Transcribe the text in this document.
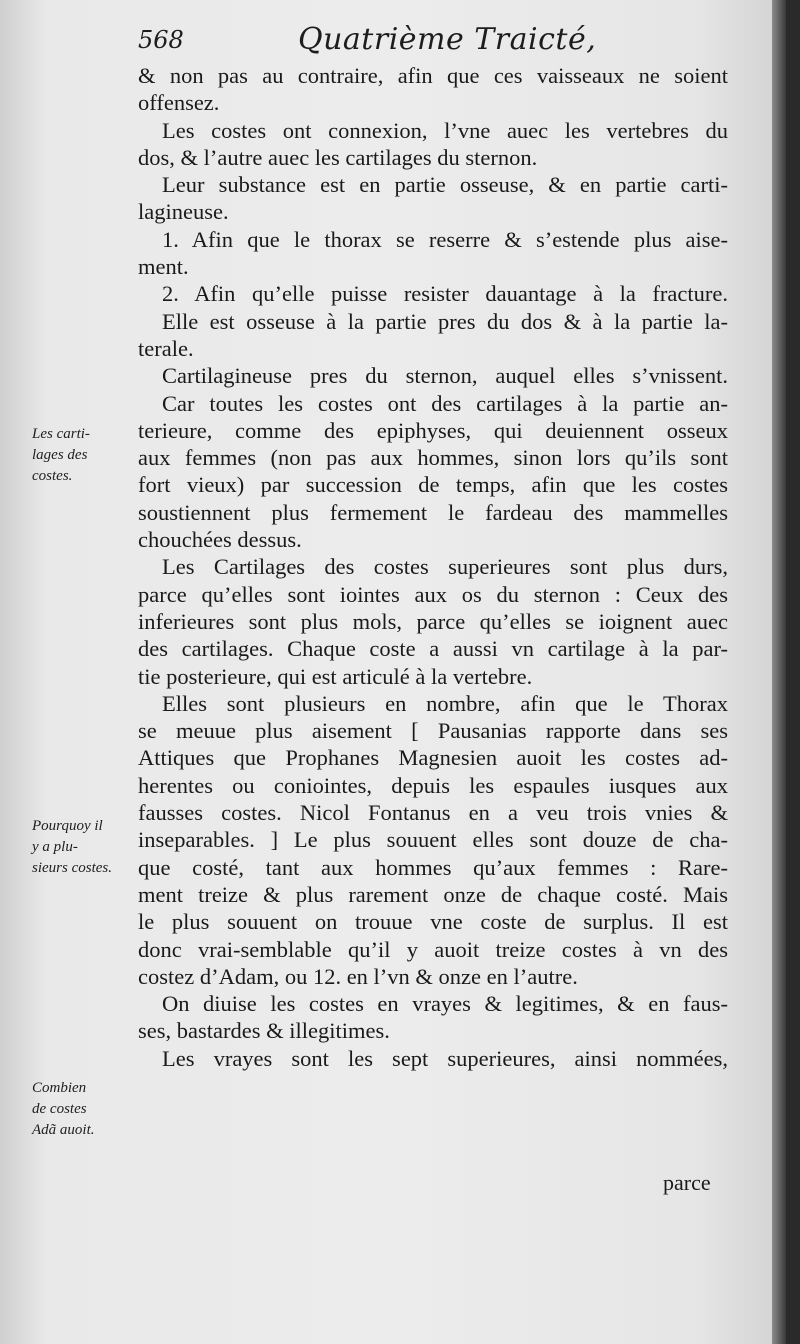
568	Quatrième Traicté,
& non pas au contraire, afin que ces vaisseaux ne soient
offensez.
Les costes ont connexion, l’vne auec les vertebres du
dos, & l’autre auec les cartilages du sternon.
Leur substance est en partie osseuse, & en partie carti-
lagineuse.
1. Afin que le thorax se reserre & s’estende plus aise-
ment.
2. Afin qu’elle puisse resister dauantage à la fracture.
Elle est osseuse à la partie pres du dos & à la partie la-
terale.
Cartilagineuse pres du sternon, auquel elles s’vnissent.
Car toutes les costes ont des cartilages à la partie an-
terieure, comme des epiphyses, qui deuiennent osseux
aux femmes (non pas aux hommes, sinon lors qu’ils sont
fort vieux) par succession de temps, afin que les costes
soustiennent plus fermement le fardeau des mammelles
chouchées dessus.
Les Cartilages des costes superieures sont plus durs,
parce qu’elles sont iointes aux os du sternon : Ceux des
inferieures sont plus mols, parce qu’elles se ioignent auec
des cartilages. Chaque coste a aussi vn cartilage à la par-
tie posterieure, qui est articulé à la vertebre.
Elles sont plusieurs en nombre, afin que le Thorax
se meuue plus aisement [ Pausanias rapporte dans ses
Attiques que Prophanes Magnesien auoit les costes ad-
herentes ou coniointes, depuis les espaules iusques aux
fausses costes. Nicol Fontanus en a veu trois vnies &
inseparables. ] Le plus souuent elles sont douze de cha-
que costé, tant aux hommes qu’aux femmes : Rare-
ment treize & plus rarement onze de chaque costé. Mais
le plus souuent on trouue vne coste de surplus. Il est
donc vrai-semblable qu’il y auoit treize costes à vn des
costez d’Adam, ou 12. en l’vn & onze en l’autre.
On diuise les costes en vrayes & legitimes, & en faus-
ses, bastardes & illegitimes.
Les vrayes sont les sept superieures, ainsi nommées,
Les carti-
lages des
costes.
Pourquoy il
y a plu-
sieurs costes.
Combien
de costes
Adã auoit.
parce
